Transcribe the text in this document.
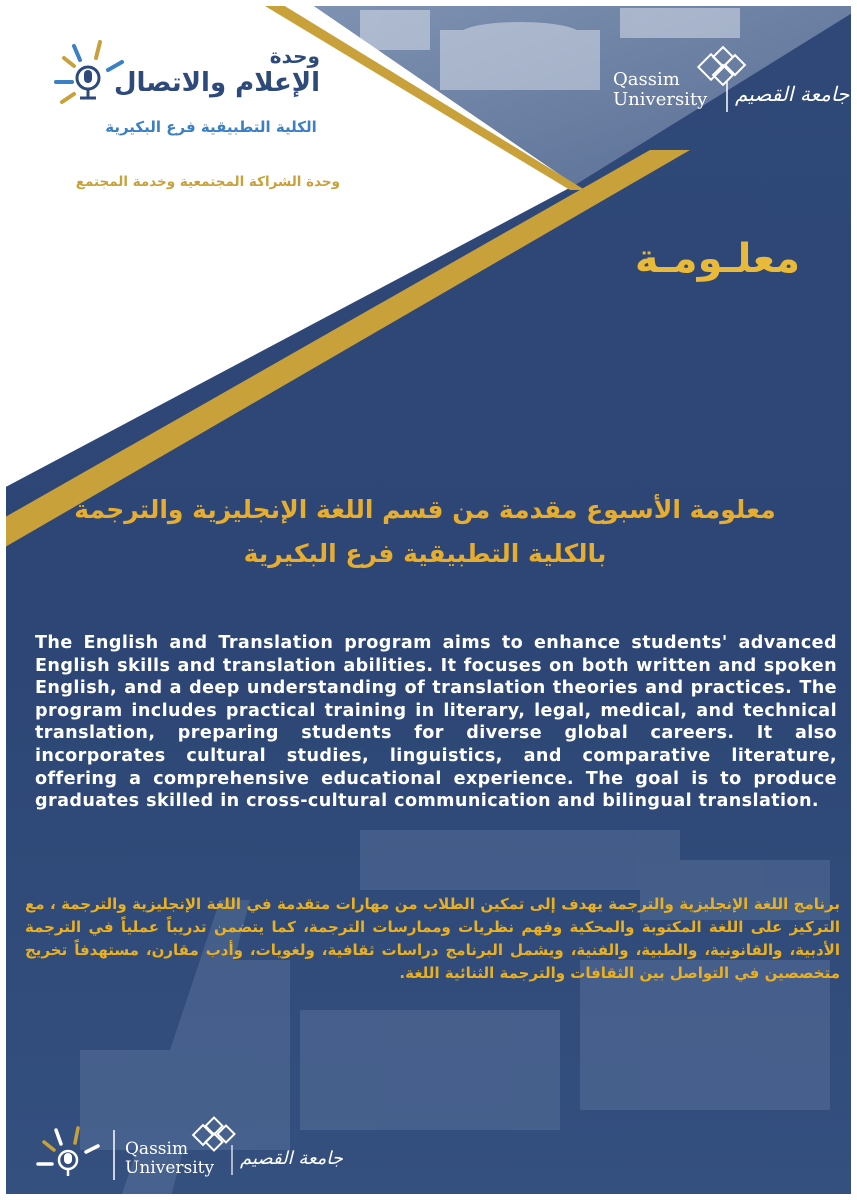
وحدة
الإعلام والاتصال
الكلية التطبيقية فرع البكيرية
وحدة الشراكة المجتمعية وخدمة المجتمع
Qassim
University جامعة القصيم
معلـومـة
معلومة الأسبوع مقدمة من قسم اللغة الإنجليزية والترجمة
بالكلية التطبيقية فرع البكيرية

The English and Translation program aims to enhance students' advanced English skills and translation abilities. It focuses on both written and spoken English, and a deep understanding of translation theories and practices. The program includes practical training in literary, legal, medical, and technical translation, preparing students for diverse global careers. It also incorporates cultural studies, linguistics, and comparative literature, offering a comprehensive educational experience. The goal is to produce graduates skilled in cross-cultural communication and bilingual translation.

برنامج اللغة الإنجليزية والترجمة يهدف إلى تمكين الطلاب من مهارات متقدمة في اللغة الإنجليزية والترجمة ، مع التركيز على اللغة المكتوبة والمحكية وفهم نظريات وممارسات الترجمة، كما يتضمن تدريباً عملياً في الترجمة الأدبية، والقانونية، والطبية، والفنية، ويشمل البرنامج دراسات ثقافية، ولغويات، وأدب مقارن، مستهدفاً تخريج متخصصين في التواصل بين الثقافات والترجمة الثنائية اللغة.

Qassim
University جامعة القصيم
